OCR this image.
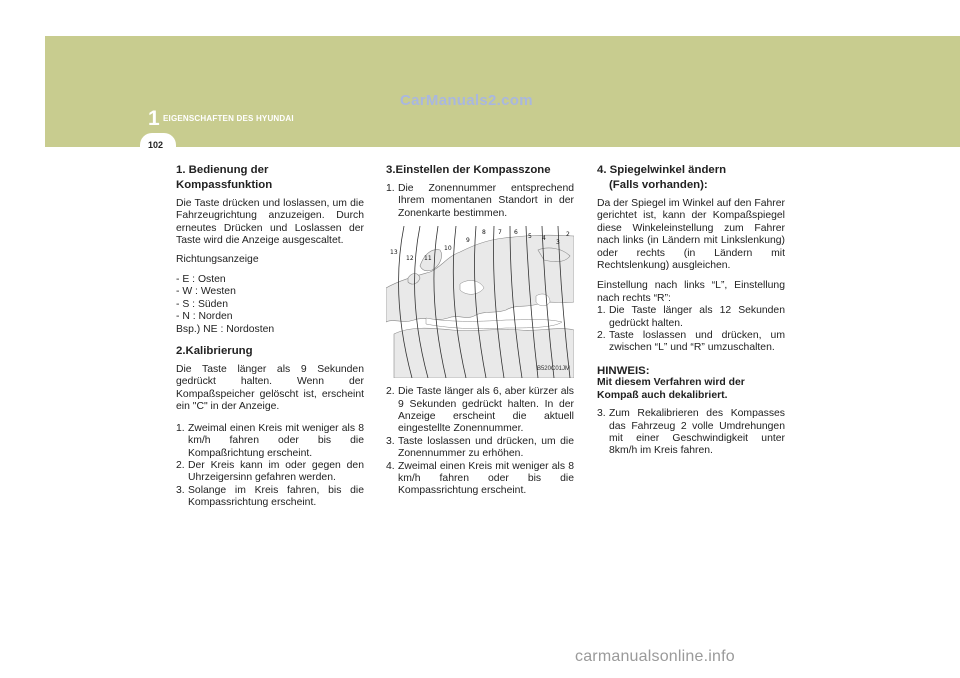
1 EIGENSCHAFTEN DES HYUNDAI
CarManuals2.com
102
1. Bedienung der Kompassfunktion
Die Taste drücken und loslassen, um die Fahrzeugrichtung anzuzeigen. Durch erneutes Drücken und Loslassen der Taste wird die Anzeige ausgescaltet.
Richtungsanzeige
- E : Osten
- W : Westen
- S : Süden
- N : Norden
Bsp.) NE : Nordosten
2.Kalibrierung
Die Taste länger als 9 Sekunden gedrückt halten. Wenn der Kompaßspeicher gelöscht ist, erscheint ein "C" in der Anzeige.
1. Zweimal einen Kreis mit weniger als 8 km/h fahren oder bis die Kompaßrichtung erscheint.
2. Der Kreis kann im oder gegen den Uhrzeigersinn gefahren werden.
3. Solange im Kreis fahren, bis die Kompassrichtung erscheint.
3.Einstellen der Kompasszone
1. Die Zonennummer entsprechend Ihrem momentanen Standort in der Zonenkarte bestimmen.
13
12 11
10
9
8 7 6
5 4
3
2
B520C01JM
2. Die Taste länger als 6, aber kürzer als 9 Sekunden gedrückt halten. In der Anzeige erscheint die aktuell eingestellte Zonennummer.
3. Taste loslassen und drücken, um die Zonennummer zu erhöhen.
4. Zweimal einen Kreis mit weniger als 8 km/h fahren oder bis die Kompassrichtung erscheint.
4. Spiegelwinkel ändern
(Falls vorhanden):
Da der Spiegel im Winkel auf den Fahrer gerichtet ist, kann der Kompaßspiegel diese Winkeleinstellung zum Fahrer nach links (in Ländern mit Linkslenkung) oder rechts (in Ländern mit Rechtslenkung) ausgleichen.
Einstellung nach links “L”, Einstellung nach rechts “R”:
1. Die Taste länger als 12 Sekunden gedrückt halten.
2. Taste loslassen und drücken, um zwischen “L” und “R” umzuschalten.
HINWEIS:
Mit diesem Verfahren wird der Kompaß auch dekalibriert.
3. Zum Rekalibrieren des Kompasses das Fahrzeug 2 volle Umdrehungen mit einer Geschwindigkeit unter 8km/h im Kreis fahren.
carmanualsonline.info
